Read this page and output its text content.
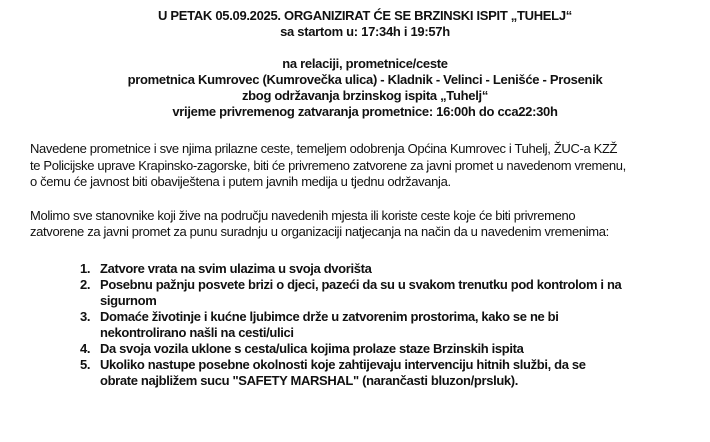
U PETAK 05.09.2025. ORGANIZIRAT ĆE SE BRZINSKI ISPIT „TUHELJ“
sa startom u: 17:34h i 19:57h
na relaciji, prometnice/ceste
prometnica Kumrovec (Kumrovečka ulica) - Kladnik - Velinci - Lenišće - Prosenik
zbog održavanja brzinskog ispita „Tuhelj“
vrijeme privremenog zatvaranja prometnice: 16:00h do cca22:30h
Navedene prometnice i sve njima prilazne ceste, temeljem odobrenja Općina Kumrovec i Tuhelj, ŽUC-a KZŽ
te Policijske uprave Krapinsko-zagorske, biti će privremeno zatvorene za javni promet u navedenom vremenu,
o čemu će javnost biti obaviještena i putem javnih medija u tjednu održavanja.
Molimo sve stanovnike koji žive na području navedenih mjesta ili koriste ceste koje će biti privremeno
zatvorene za javni promet za punu suradnju u organizaciji natjecanja na način da u navedenim vremenima:
1. Zatvore vrata na svim ulazima u svoja dvorišta
2. Posebnu pažnju posvete brizi o djeci, pazeći da su u svakom trenutku pod kontrolom i na
sigurnom
3. Domaće životinje i kućne ljubimce drže u zatvorenim prostorima, kako se ne bi
nekontrolirano našli na cesti/ulici
4. Da svoja vozila uklone s cesta/ulica kojima prolaze staze Brzinskih ispita
5. Ukoliko nastupe posebne okolnosti koje zahtijevaju intervenciju hitnih službi, da se
obrate najbližem sucu "SAFETY MARSHAL" (narančasti bluzon/prsluk).
